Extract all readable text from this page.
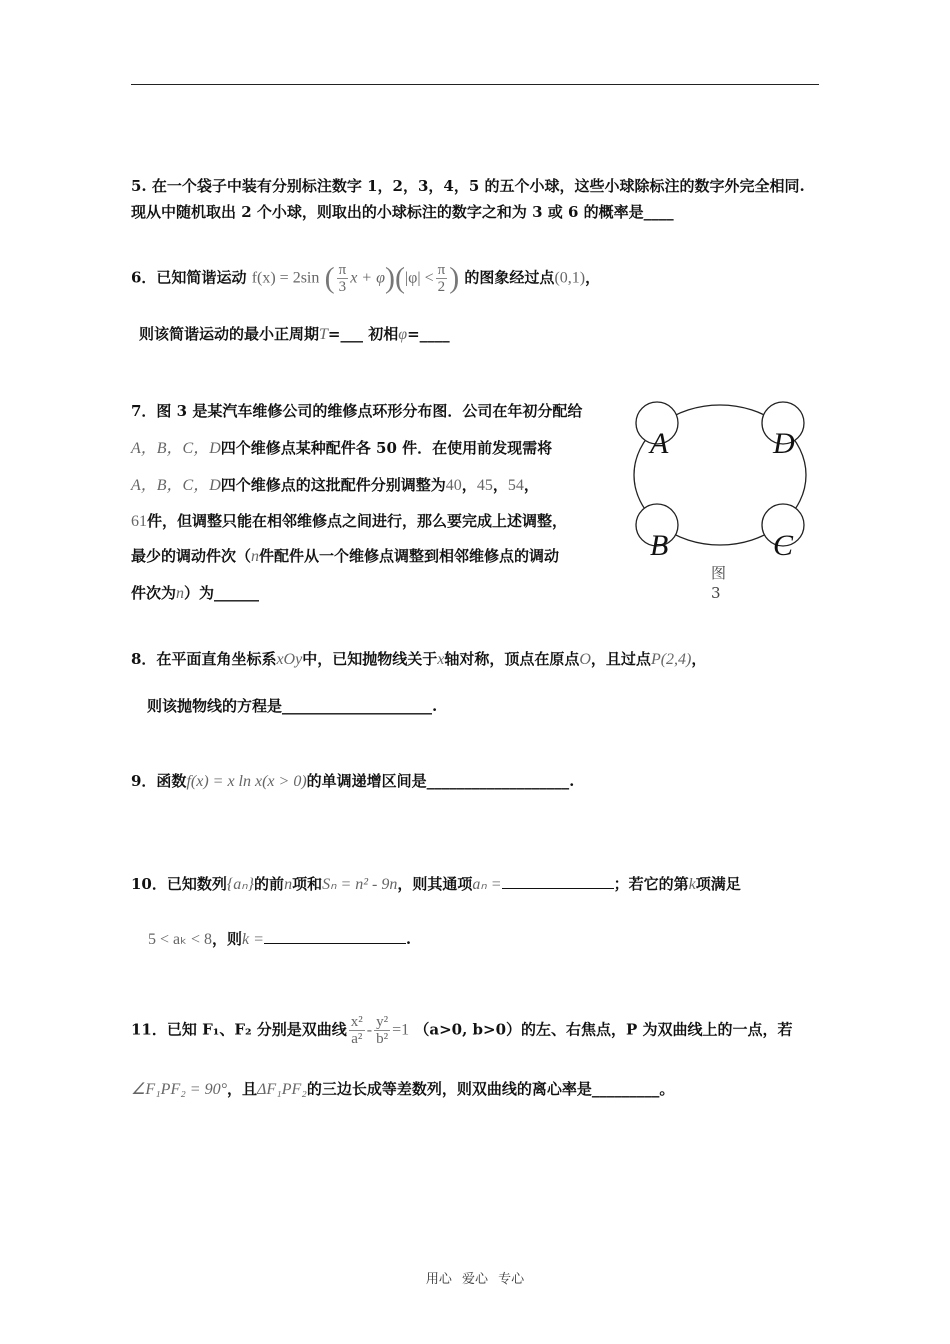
5. 在一个袋子中装有分别标注数字 1，2，3，4，5 的五个小球，这些小球除标注的数字外完全相同.
现从中随机取出 2 个小球，则取出的小球标注的数字之和为 3 或 6 的概率是____
6．已知简谐运动 f(x) = 2sin ( $\frac{\pi}{3}$ $x + \varphi)(|\varphi| < \frac{\pi}{2}$ ) 的图象经过点(0,1)，
则该简谐运动的最小正周期T=___ 初相φ=____
7．图 3 是某汽车维修公司的维修点环形分布图．公司在年初分配给
A，B，C，D四个维修点某种配件各 50 件．在使用前发现需将
A，B，C，D四个维修点的这批配件分别调整为40，45，54，
61件，但调整只能在相邻维修点之间进行，那么要完成上述调整，
最少的调动件次（n件配件从一个维修点调整到相邻维修点的调动
件次为n）为______
A	D
B	C
图
3
8．在平面直角坐标系xOy中，已知抛物线关于x轴对称，顶点在原点O，且过点P(2,4)，
则该抛物线的方程是____________________.
9．函数f(x) = x ln x(x > 0)的单调递增区间是___________________.
10．已知数列{aₙ}的前n项和Sₙ = n² - 9n，则其通项aₙ =	；若它的第k项满足
5 < aₖ < 8，则k =	.
11．已知 F₁、F₂ 分别是双曲线 $\frac{\text{x²}}{\text{a²}} - \frac{\text{y²}}{\text{b²}} =1$ （a>0, b>0）的左、右焦点，P 为双曲线上的一点，若
∠F₁PF₂ = 90°，且ΔF₁PF₂的三边长成等差数列，则双曲线的离心率是_________。
用心 爱心 专心
